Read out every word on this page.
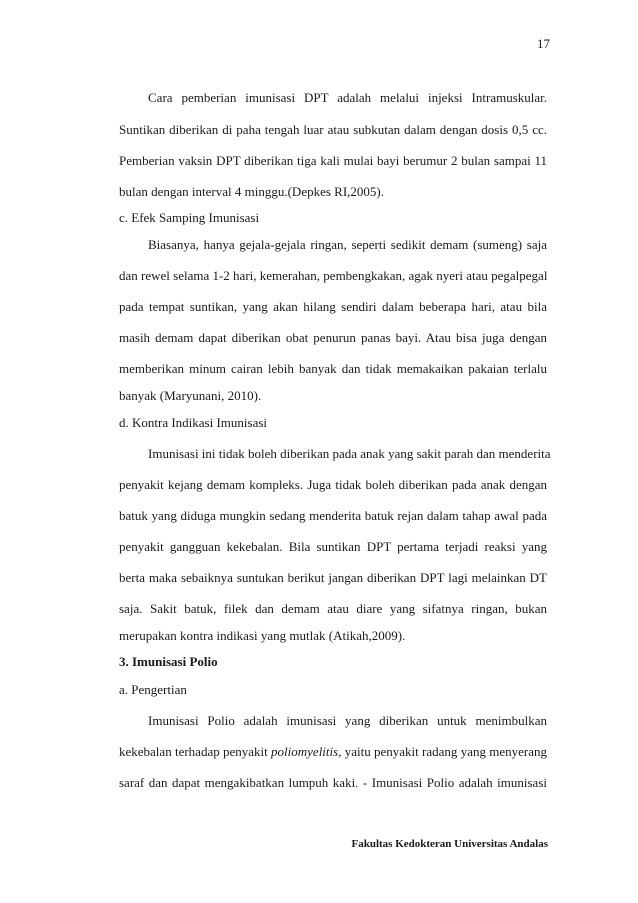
17
Cara pemberian imunisasi DPT adalah melalui injeksi Intramuskular.
Suntikan diberikan di paha tengah luar atau subkutan dalam dengan dosis 0,5 cc.
Pemberian vaksin DPT diberikan tiga kali mulai bayi berumur 2 bulan sampai 11
bulan dengan interval 4 minggu.(Depkes RI,2005).
c. Efek Samping Imunisasi
Biasanya, hanya gejala-gejala ringan, seperti sedikit demam (sumeng) saja
dan rewel selama 1-2 hari, kemerahan, pembengkakan, agak nyeri atau pegalpegal
pada tempat suntikan, yang akan hilang sendiri dalam beberapa hari, atau bila
masih demam dapat diberikan obat penurun panas bayi. Atau bisa juga dengan
memberikan minum cairan lebih banyak dan tidak memakaikan pakaian terlalu
banyak (Maryunani, 2010).
d. Kontra Indikasi Imunisasi
Imunisasi ini tidak boleh diberikan pada anak yang sakit parah dan menderita
penyakit kejang demam kompleks. Juga tidak boleh diberikan pada anak dengan
batuk yang diduga mungkin sedang menderita batuk rejan dalam tahap awal pada
penyakit gangguan kekebalan. Bila suntikan DPT pertama terjadi reaksi yang
berta maka sebaiknya suntukan berikut jangan diberikan DPT lagi melainkan DT
saja. Sakit batuk, filek dan demam atau diare yang sifatnya ringan, bukan
merupakan kontra indikasi yang mutlak (Atikah,2009).
3. Imunisasi Polio
a. Pengertian
Imunisasi Polio adalah imunisasi yang diberikan untuk menimbulkan
kekebalan terhadap penyakit poliomyelitis, yaitu penyakit radang yang menyerang
saraf dan dapat mengakibatkan lumpuh kaki. - Imunisasi Polio adalah imunisasi
Fakultas Kedokteran Universitas Andalas
